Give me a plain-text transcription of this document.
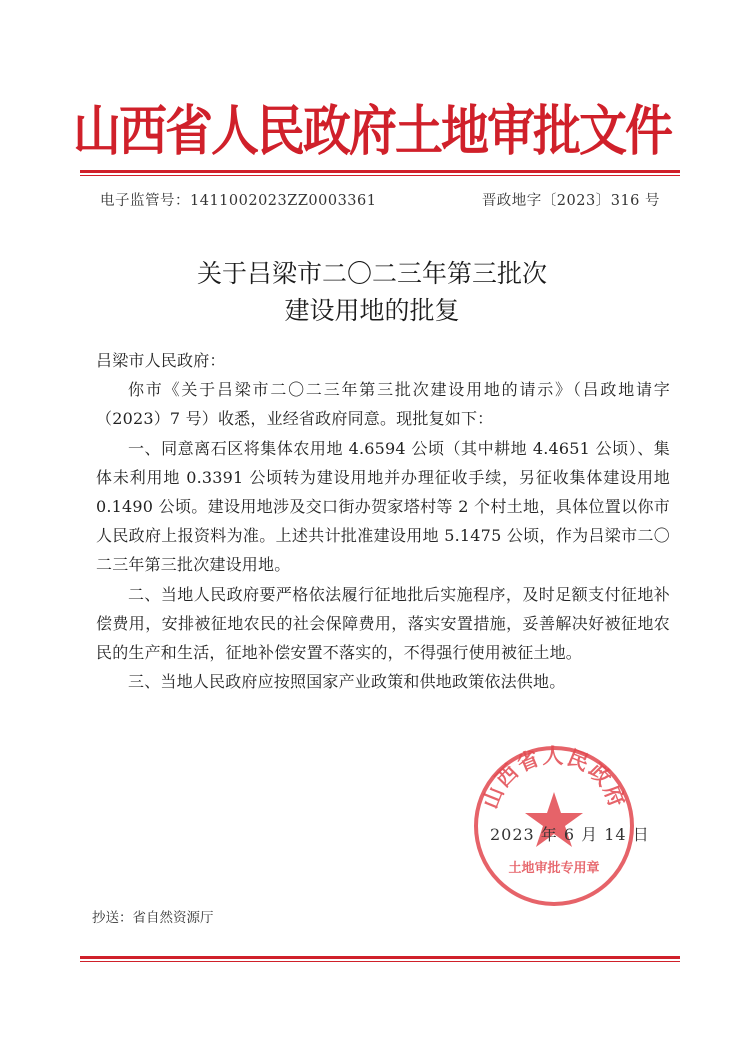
山西省人民政府土地审批文件
电子监管号：1411002023ZZ0003361	晋政地字〔2023〕316 号
关于吕梁市二〇二三年第三批次
建设用地的批复

吕梁市人民政府：

你市《关于吕梁市二〇二三年第三批次建设用地的请示》（吕政地请字（2023）7 号）收悉，业经省政府同意。现批复如下：

一、同意离石区将集体农用地 4.6594 公顷（其中耕地 4.4651 公顷）、集体未利用地 0.3391 公顷转为建设用地并办理征收手续，另征收集体建设用地 0.1490 公顷。建设用地涉及交口街办贺家塔村等 2 个村土地，具体位置以你市人民政府上报资料为准。上述共计批准建设用地 5.1475 公顷，作为吕梁市二〇二三年第三批次建设用地。

二、当地人民政府要严格依法履行征地批后实施程序，及时足额支付征地补偿费用，安排被征地农民的社会保障费用，落实安置措施，妥善解决好被征地农民的生产和生活，征地补偿安置不落实的，不得强行使用被征土地。

三、当地人民政府应按照国家产业政策和供地政策依法供地。

山西省人民政府
土地审批专用章
2023 年 6 月 14 日
抄送：省自然资源厅
